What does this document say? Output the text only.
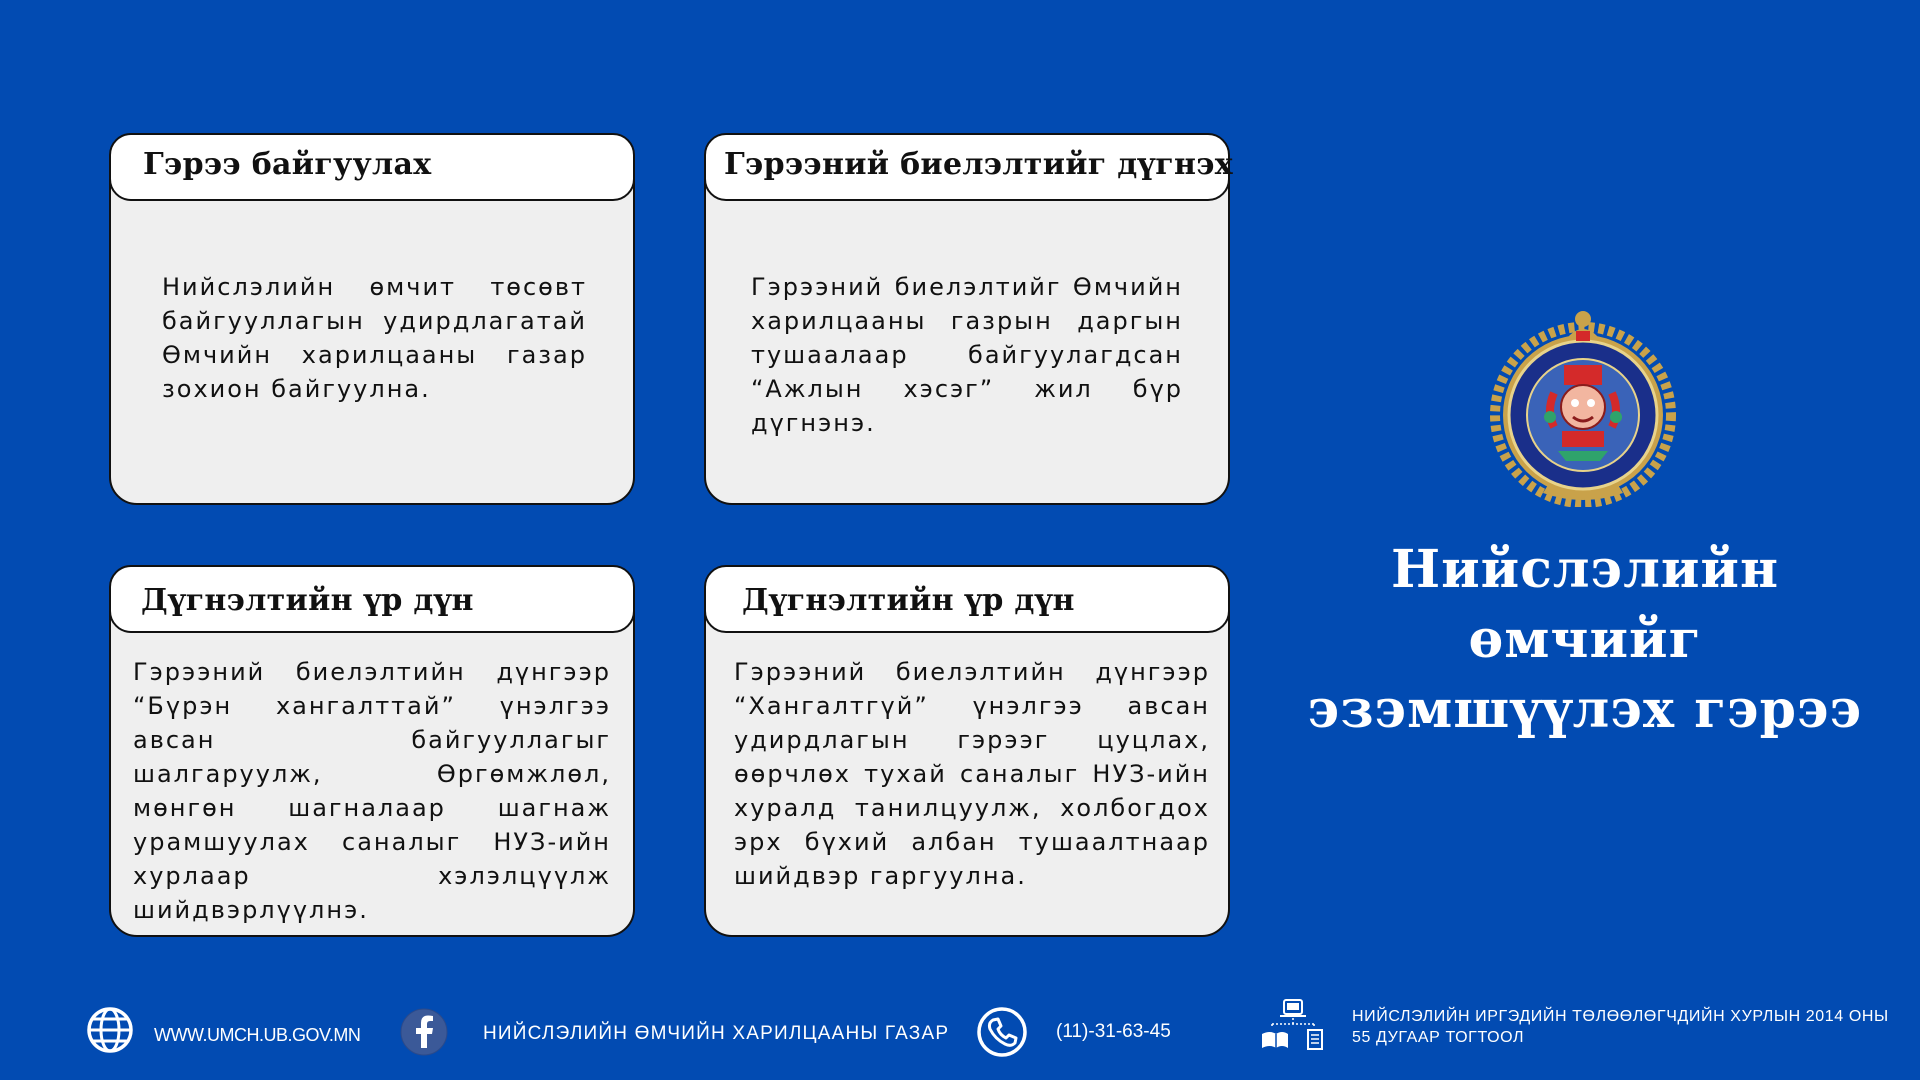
Гэрээ байгуулах
Нийслэлийн өмчит төсөвт байгууллагын удирдлагатай Өмчийн харилцааны газар зохион байгуулна.
Гэрээний биелэлтийг дүгнэх
Гэрээний биелэлтийг Өмчийн харилцааны газрын даргын тушаалаар байгуулагдсан “Ажлын хэсэг” жил бүр дүгнэнэ.
Дүгнэлтийн үр дүн
Гэрээний биелэлтийн дүнгээр “Бүрэн хангалттай” үнэлгээ авсан байгууллагыг шалгаруулж, Өргөмжлөл, мөнгөн шагналаар шагнаж урамшуулах саналыг НУЗ-ийн хурлаар хэлэлцүүлж шийдвэрлүүлнэ.
Дүгнэлтийн үр дүн
Гэрээний биелэлтийн дүнгээр “Хангалтгүй” үнэлгээ авсан удирдлагын гэрээг цуцлах, өөрчлөх тухай саналыг НУЗ-ийн хуралд танилцуулж, холбогдох эрх бүхий албан тушаалтнаар шийдвэр гаргуулна.
Нийслэлийн өмчийг
эзэмшүүлэх гэрээ
WWW.UMCH.UB.GOV.MN	НИЙСЛЭЛИЙН ӨМЧИЙН ХАРИЛЦААНЫ ГАЗАР	(11)-31-63-45
НИЙСЛЭЛИЙН ИРГЭДИЙН ТӨЛӨӨЛӨГЧДИЙН ХУРЛЫН 2014 ОНЫ
55 ДУГААР ТОГТООЛ
